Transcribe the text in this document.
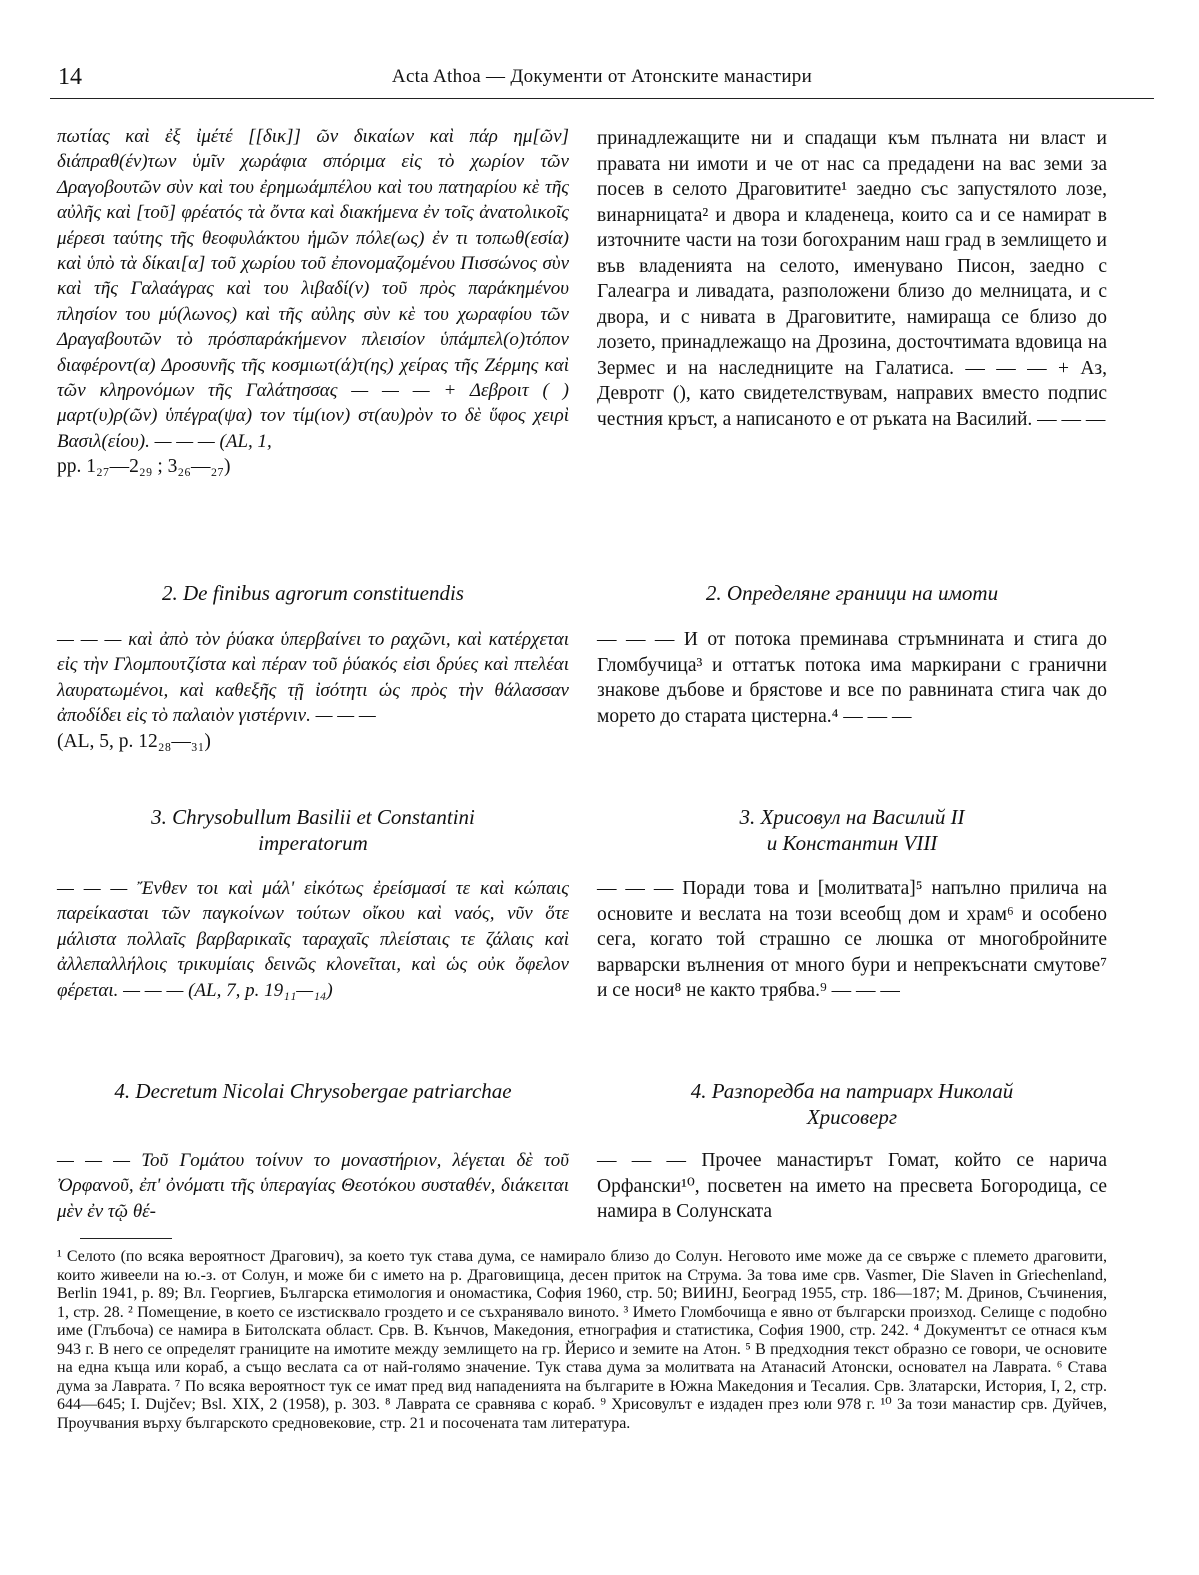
14	Acta Athoa — Документи от Атонските манастири

πωτίας καὶ ἐξ ἰμέτέ [[δικ]] ῶν δικαίων καὶ πάρ ημ[ῶν] διάπραθ(έν)των ὑμῖν χωράφια σπόριμα εἰς τὸ χωρίον τῶν Δραγοβουτῶν σὺν καὶ του ἐρημωάμπέλου καὶ του πατηαρίου κὲ τῆς αὐλῆς καὶ [τοῦ] φρέατός τὰ ὄντα καὶ διακήμενα ἐν τοῖς ἀνατολικοῖς μέρεσι ταύτης τῆς θεοφυλάκτου ἡμῶν πόλε(ως) ἐν τι τοπωθ(εσία) καὶ ὑπὸ τὰ δίκαι[α] τοῦ χωρίου τοῦ ἐπονομαζομένου Πισσώνος σὺν καὶ τῆς Γαλαάγρας καὶ του λιβαδί(ν) τοῦ πρὸς παράκημένου πλησίον του μύ(λωνος) καὶ τῆς αὐλης σὺν κὲ του χωραφίου τῶν Δραγαβουτῶν τὸ πρόσπαράκήμενον πλεισίον ὑπάμπελ(ο)τόπον διαφέροντ(α) Δροσυνῆς τῆς κοσμιωτ(ά)τ(ης) χείρας τῆς Ζέρμης καὶ τῶν κληρονόμων τῆς Γαλάτησσας — — — + Δεβροιτ ( ) μαρτ(υ)ρ(ῶν) ὑπέγρα(ψα) τον τίμ(ιον) στ(αυ)ρὸν το δὲ ὕφος χειρὶ Βασιλ(είου). — — — (AL, 1,

pp. 1₂₇—2₂₉ ; 3₂₆—₂₇)

2. De finibus agrorum constituendis

— — — καὶ ἀπὸ τὸν ῥύακα ὑπερβαίνει το ραχῶνι, καὶ κατέρχεται εἰς τὴν Γλομπουτζίστα καὶ πέραν τοῦ ῥύακός εἰσι δρύες καὶ πτελέαι λαυρατωμένοι, καὶ καθεξῆς τῇ ἰσότητι ὡς πρὸς τὴν θάλασσαν ἀποδίδει εἰς τὸ παλαιὸν γιστέρνιν. — — —

(AL, 5, p. 12₂₈—₃₁)

3. Chrysobullum Basilii et Constantini

imperatorum

— — — Ἔνθεν τοι καὶ μάλ' εἰκότως ἐρείσμασί τε καὶ κώπαις παρείκασται τῶν παγκοίνων τούτων οἴκου καὶ ναός, νῦν ὅτε μάλιστα πολλαῖς βαρβαρικαῖς ταραχαῖς πλείσταις τε ζάλαις καὶ ἀλλεπαλλήλοις τρικυμίαις δεινῶς κλονεῖται, καὶ ὡς οὐκ ὄφελον φέρεται. — — — (AL, 7, p. 19₁₁—₁₄)

4. Decretum Nicolai Chrysobergae patriarchae

— — — Τοῦ Γομάτου τοίνυν το μοναστήριον, λέγεται δὲ τοῦ Ὀρφανοῦ, ἐπ' ὀνόματι τῆς ὑπεραγίας Θεοτόκου συσταθέν, διάκειται μὲν ἐν τῷ θέ-

принадлежащите ни и спадащи към пълната ни власт и правата ни имоти и че от нас са предадени на вас земи за посев в селото Драговитите¹ заедно със запустялото лозе, винарницата² и двора и кладенеца, които са и се намират в източните части на този богохраним наш град в землището и във владенията на селото, именувано Писон, заедно с Галеагра и ливадата, разположени близо до мелницата, и с двора, и с нивата в Драговитите, намираща се близо до лозето, принадлежащо на Дрозина, досточтимата вдовица на Зермес и на наследниците на Галатиса. — — — + Аз, Девротг (), като свидетелствувам, направих вместо подпис честния кръст, а написаното е от ръката на Василий. — — —

2. Определяне граници на имоти

— — — И от потока преминава стръмнината и стига до Гломбучица³ и оттатък потока има маркирани с гранични знакове дъбове и брястове и все по равнината стига чак до морето до старата цистерна.⁴ — — —

3. Хрисовул на Василий II

и Константин VIII

— — — Поради това и [молитвата]⁵ напълно прилича на основите и веслата на този всеобщ дом и храм⁶ и особено сега, когато той страшно се люшка от многобройните варварски вълнения от много бури и непрекъснати смутове⁷ и се носи⁸ не както трябва.⁹ — — —

4. Разпоредба на патриарх Николай

Хрисоверг

— — — Прочее манастирът Гомат, който се нарича Орфански¹⁰, посветен на името на пресвета Богородица, се намира в Солунската

¹ Селото (по всяка вероятност Драгович), за което тук става дума, се намирало близо до Солун. Неговото име може да се свърже с племето драговити, които живеели на ю.-з. от Солун, и може би с името на р. Драговищица, десен приток на Струма. За това име срв. Vasmer, Die Slaven in Griechenland, Berlin 1941, p. 89; Вл. Георгиев, Българска етимология и ономастика, София 1960, стр. 50; ВИИНЈ, Београд 1955, стр. 186—187; М. Дринов, Съчинения, 1, стр. 28. ² Помещение, в което се изстисквало гроздето и се съхранявало виното. ³ Името Гломбочища е явно от български произход. Селище с подобно име (Глъбоча) се намира в Битолската област. Срв. В. Кънчов, Македония, етнография и статистика, София 1900, стр. 242. ⁴ Документът се отнася към 943 г. В него се определят границите на имотите между землището на гр. Йерисо и земите на Атон. ⁵ В предходния текст образно се говори, че основите на една къща или кораб, а също веслата са от най-голямо значение. Тук става дума за молитвата на Атанасий Атонски, основател на Лаврата. ⁶ Става дума за Лаврата. ⁷ По всяка вероятност тук се имат пред вид нападенията на българите в Южна Македония и Тесалия. Срв. Златарски, История, I, 2, стр. 644—645; I. Dujčev; Bsl. XIX, 2 (1958), p. 303. ⁸ Лаврата се сравнява с кораб. ⁹ Хрисовулът е издаден през юли 978 г. ¹⁰ За този манастир срв. Дуйчев, Проучвания върху българското средновековие, стр. 21 и посочената там литература.
